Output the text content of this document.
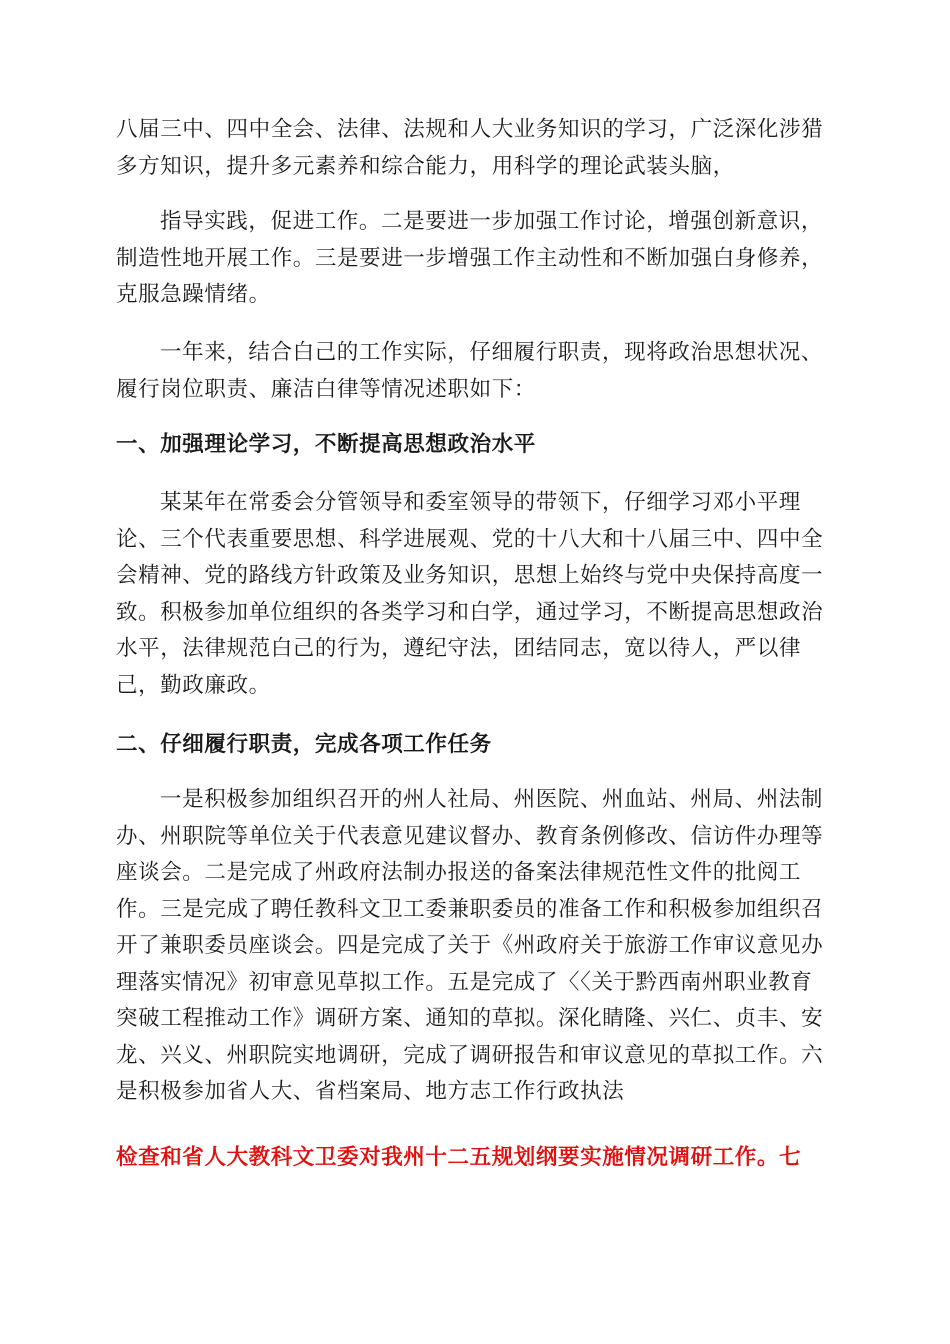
八届三中、四中全会、法律、法规和人大业务知识的学习，广泛深化涉猎
多方知识，提升多元素养和综合能力，用科学的理论武装头脑，

指导实践，促进工作。二是要进一步加强工作讨论，增强创新意识，
制造性地开展工作。三是要进一步增强工作主动性和不断加强白身修养，
克服急躁情绪。

一年来，结合白己的工作实际，仔细履行职责，现将政治思想状况、
履行岗位职责、廉洁白律等情况述职如下：

一、加强理论学习，不断提高思想政治水平

某某年在常委会分管领导和委室领导的带领下，仔细学习邓小平理
论、三个代表重要思想、科学进展观、党的十八大和十八届三中、四中全
会精神、党的路线方针政策及业务知识，思想上始终与党中央保持高度一
致。积极参加单位组织的各类学习和白学，通过学习，不断提高思想政治
水平，法律规范白己的行为，遵纪守法，团结同志，宽以待人，严以律
己，勤政廉政。

二、仔细履行职责，完成各项工作任务

一是积极参加组织召开的州人社局、州医院、州血站、州局、州法制
办、州职院等单位关于代表意见建议督办、教育条例修改、信访件办理等
座谈会。二是完成了州政府法制办报送的备案法律规范性文件的批阅工
作。三是完成了聘任教科文卫工委兼职委员的准备工作和积极参加组织召
开了兼职委员座谈会。四是完成了关于《州政府关于旅游工作审议意见办
理落实情况》初审意见草拟工作。五是完成了〈〈关于黔西南州职业教育
突破工程推动工作》调研方案、通知的草拟。深化睛隆、兴仁、贞丰、安
龙、兴义、州职院实地调研，完成了调研报告和审议意见的草拟工作。六
是积极参加省人大、省档案局、地方志工作行政执法

检查和省人大教科文卫委对我州十二五规划纲要实施情况调研工作。七
